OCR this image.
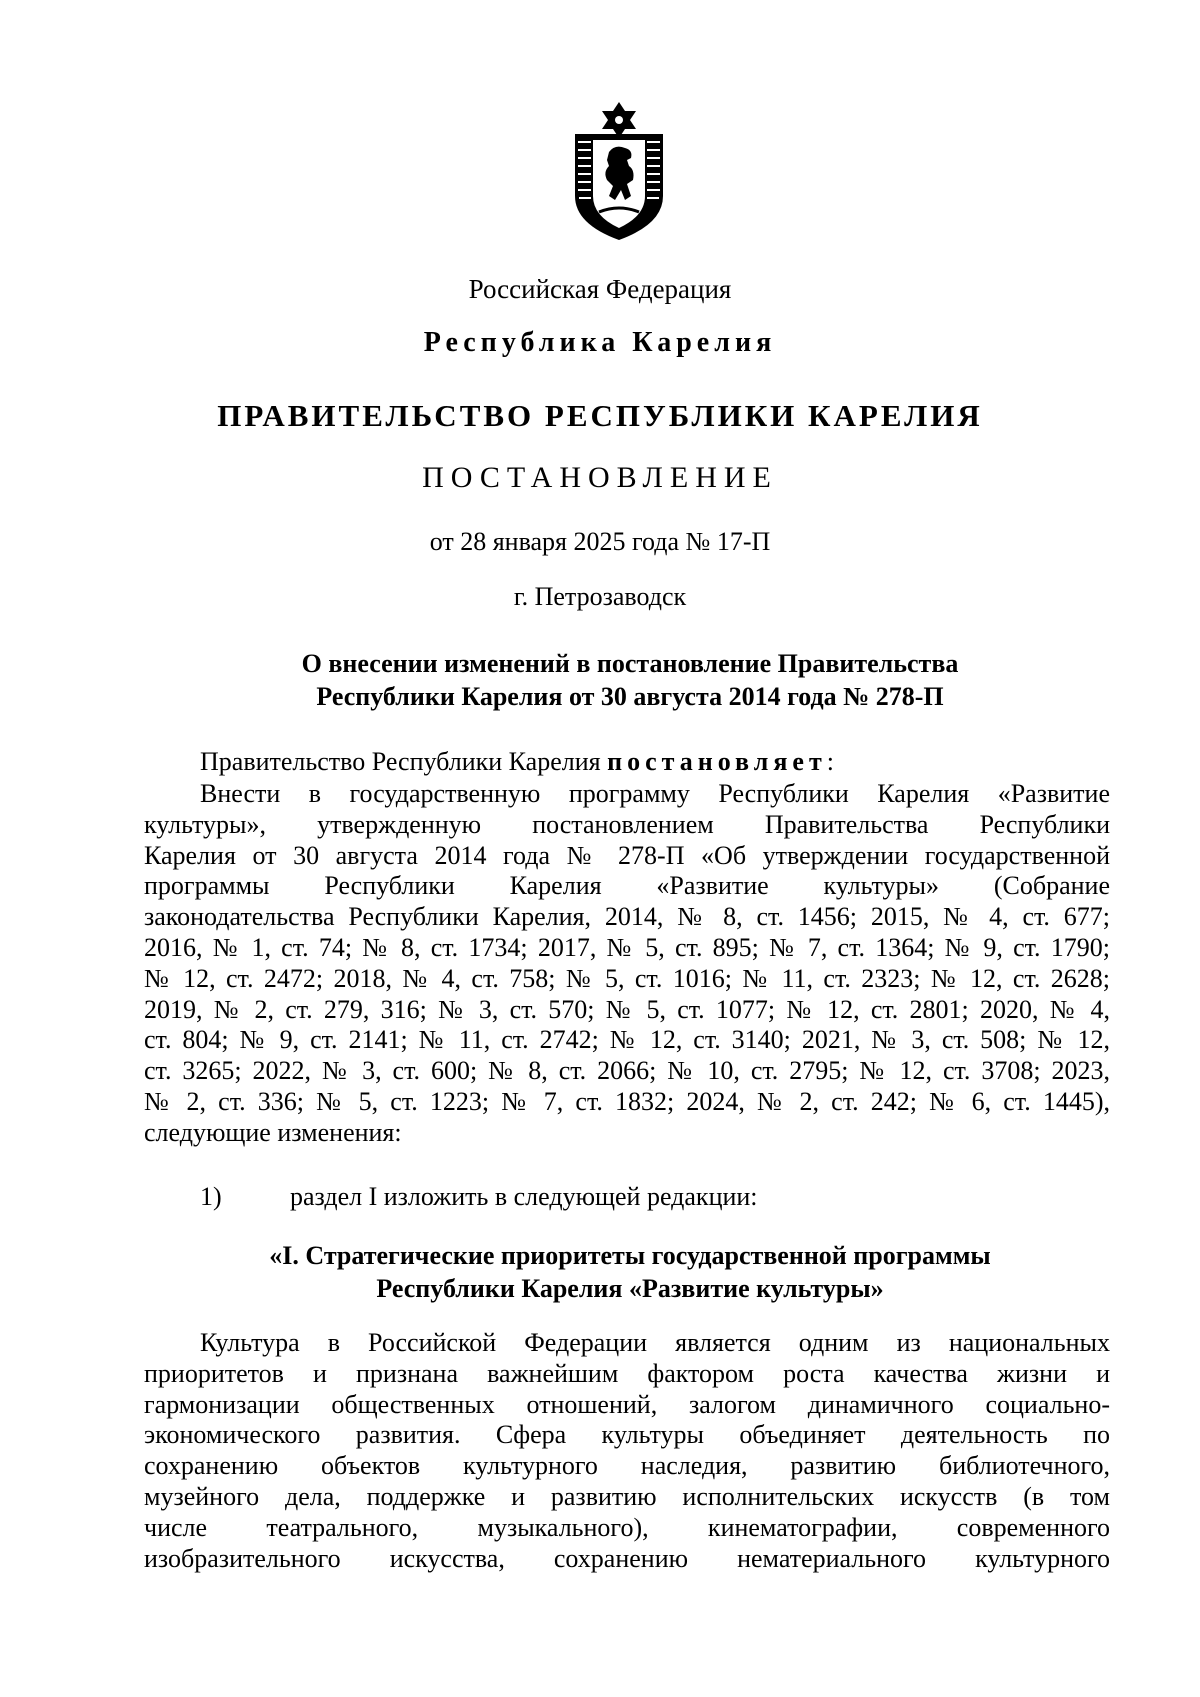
Российская Федерация
Республика Карелия
ПРАВИТЕЛЬСТВО РЕСПУБЛИКИ КАРЕЛИЯ
ПОСТАНОВЛЕНИЕ
от 28 января 2025 года № 17-П
г. Петрозаводск
О внесении изменений в постановление Правительства
Республики Карелия от 30 августа 2014 года № 278-П
Правительство Республики Карелия постановляет:
Внести в государственную программу Республики Карелия «Развитие
культуры», утвержденную постановлением Правительства Республики
Карелия от 30 августа 2014 года № 278-П «Об утверждении государственной
программы Республики Карелия «Развитие культуры» (Собрание
законодательства Республики Карелия, 2014, № 8, ст. 1456; 2015, № 4, ст. 677;
2016, № 1, ст. 74; № 8, ст. 1734; 2017, № 5, ст. 895; № 7, ст. 1364; № 9, ст. 1790;
№ 12, ст. 2472; 2018, № 4, ст. 758; № 5, ст. 1016; № 11, ст. 2323; № 12, ст. 2628;
2019, № 2, ст. 279, 316; № 3, ст. 570; № 5, ст. 1077; № 12, ст. 2801; 2020, № 4,
ст. 804; № 9, ст. 2141; № 11, ст. 2742; № 12, ст. 3140; 2021, № 3, ст. 508; № 12,
ст. 3265; 2022, № 3, ст. 600; № 8, ст. 2066; № 10, ст. 2795; № 12, ст. 3708; 2023,
№ 2, ст. 336; № 5, ст. 1223; № 7, ст. 1832; 2024, № 2, ст. 242; № 6, ст. 1445),
следующие изменения:
1)	раздел I изложить в следующей редакции:
«I. Стратегические приоритеты государственной программы
Республики Карелия «Развитие культуры»
Культура в Российской Федерации является одним из национальных
приоритетов и признана важнейшим фактором роста качества жизни и
гармонизации общественных отношений, залогом динамичного социально-
экономического развития. Сфера культуры объединяет деятельность по
сохранению объектов культурного наследия, развитию библиотечного,
музейного дела, поддержке и развитию исполнительских искусств (в том
числе театрального, музыкального), кинематографии, современного
изобразительного искусства, сохранению нематериального культурного
